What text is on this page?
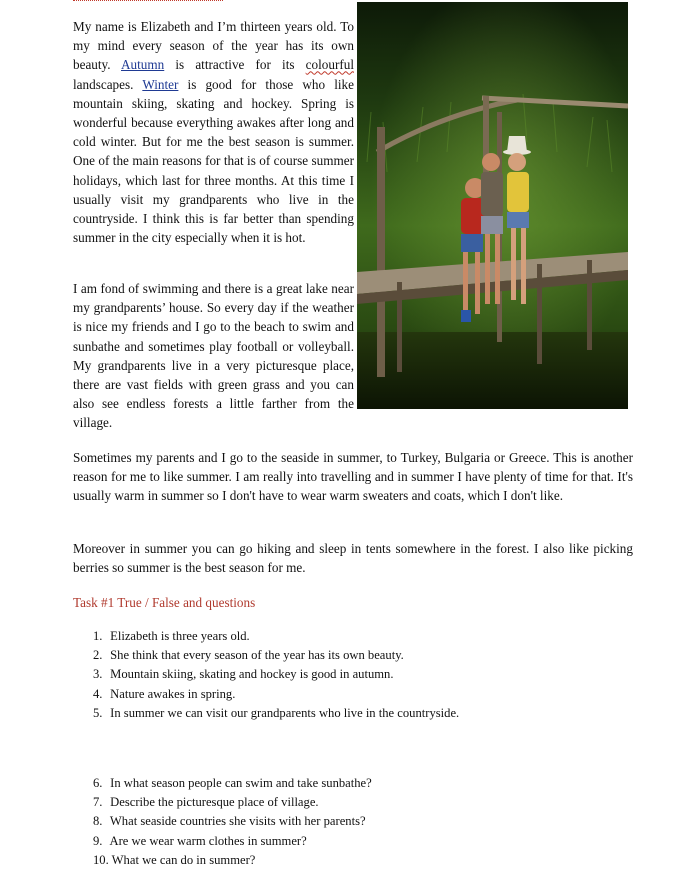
My name is Elizabeth and I’m thirteen years old. To my mind every season of the year has its own beauty. Autumn is attractive for its colourful landscapes. Winter is good for those who like mountain skiing, skating and hockey. Spring is wonderful because everything awakes after long and cold winter. But for me the best season is summer. One of the main reasons for that is of course summer holidays, which last for three months. At this time I usually visit my grandparents who live in the countryside. I think this is far better than spending summer in the city especially when it is hot.

I am fond of swimming and there is a great lake near my grandparents’ house. So every day if the weather is nice my friends and I go to the beach to swim and sunbathe and sometimes play football or volleyball. My grandparents live in a very picturesque place, there are vast fields with green grass and you can also see endless forests a little farther from the village.

Sometimes my parents and I go to the seaside in summer, to Turkey, Bulgaria or Greece. This is another reason for me to like summer. I am really into travelling and in summer I have plenty of time for that. It's usually warm in summer so I don't have to wear warm sweaters and coats, which I don't like.

Moreover in summer you can go hiking and sleep in tents somewhere in the forest. I also like picking berries so summer is the best season for me.

Task #1 True / False and questions

1. Elizabeth is three years old.
2. She think that every season of the year has its own beauty.
3. Mountain skiing, skating and hockey is good in autumn.
4. Nature awakes in spring.
5. In summer we can visit our grandparents who live in the countryside.
6. In what season people can swim and take sunbathe?
7. Describe the picturesque place of village.
8. What seaside countries she visits with her parents?
9. Are we wear warm clothes in summer?
10. What we can do in summer?
